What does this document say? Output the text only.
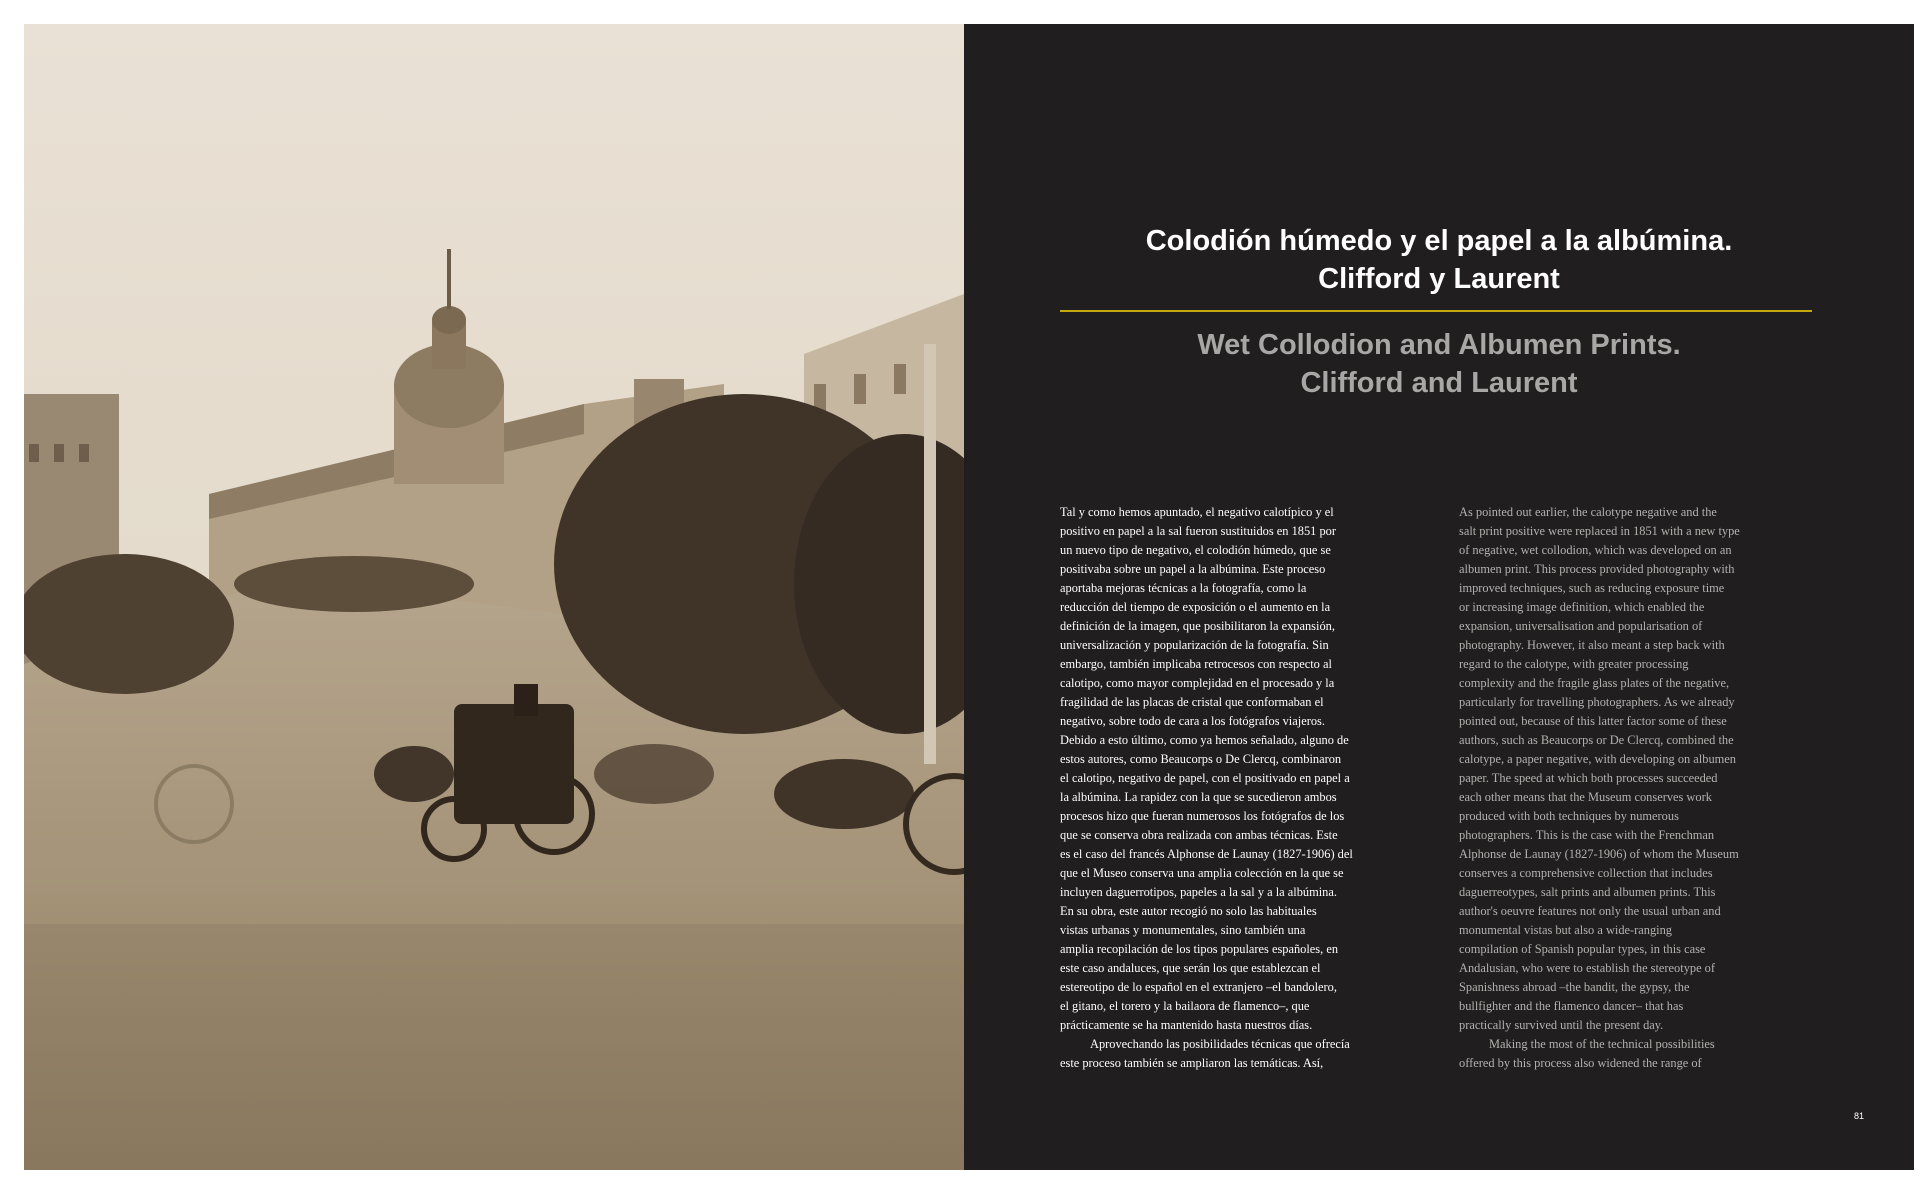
Colodión húmedo y el papel a la albúmina.
Clifford y Laurent
Wet Collodion and Albumen Prints.
Clifford and Laurent
Tal y como hemos apuntado, el negativo calotípico y el
positivo en papel a la sal fueron sustituidos en 1851 por
un nuevo tipo de negativo, el colodión húmedo, que se
positivaba sobre un papel a la albúmina. Este proceso
aportaba mejoras técnicas a la fotografía, como la
reducción del tiempo de exposición o el aumento en la
definición de la imagen, que posibilitaron la expansión,
universalización y popularización de la fotografía. Sin
embargo, también implicaba retrocesos con respecto al
calotipo, como mayor complejidad en el procesado y la
fragilidad de las placas de cristal que conformaban el
negativo, sobre todo de cara a los fotógrafos viajeros.
Debido a esto último, como ya hemos señalado, alguno de
estos autores, como Beaucorps o De Clercq, combinaron
el calotipo, negativo de papel, con el positivado en papel a
la albúmina. La rapidez con la que se sucedieron ambos
procesos hizo que fueran numerosos los fotógrafos de los
que se conserva obra realizada con ambas técnicas. Este
es el caso del francés Alphonse de Launay (1827-1906) del
que el Museo conserva una amplia colección en la que se
incluyen daguerrotipos, papeles a la sal y a la albúmina.
En su obra, este autor recogió no solo las habituales
vistas urbanas y monumentales, sino también una
amplia recopilación de los tipos populares españoles, en
este caso andaluces, que serán los que establezcan el
estereotipo de lo español en el extranjero –el bandolero,
el gitano, el torero y la bailaora de flamenco–, que
prácticamente se ha mantenido hasta nuestros días.
Aprovechando las posibilidades técnicas que ofrecía
este proceso también se ampliaron las temáticas. Así,
As pointed out earlier, the calotype negative and the
salt print positive were replaced in 1851 with a new type
of negative, wet collodion, which was developed on an
albumen print. This process provided photography with
improved techniques, such as reducing exposure time
or increasing image definition, which enabled the
expansion, universalisation and popularisation of
photography. However, it also meant a step back with
regard to the calotype, with greater processing
complexity and the fragile glass plates of the negative,
particularly for travelling photographers. As we already
pointed out, because of this latter factor some of these
authors, such as Beaucorps or De Clercq, combined the
calotype, a paper negative, with developing on albumen
paper. The speed at which both processes succeeded
each other means that the Museum conserves work
produced with both techniques by numerous
photographers. This is the case with the Frenchman
Alphonse de Launay (1827-1906) of whom the Museum
conserves a comprehensive collection that includes
daguerreotypes, salt prints and albumen prints. This
author's oeuvre features not only the usual urban and
monumental vistas but also a wide-ranging
compilation of Spanish popular types, in this case
Andalusian, who were to establish the stereotype of
Spanishness abroad –the bandit, the gypsy, the
bullfighter and the flamenco dancer– that has
practically survived until the present day.
Making the most of the technical possibilities
offered by this process also widened the range of
81
